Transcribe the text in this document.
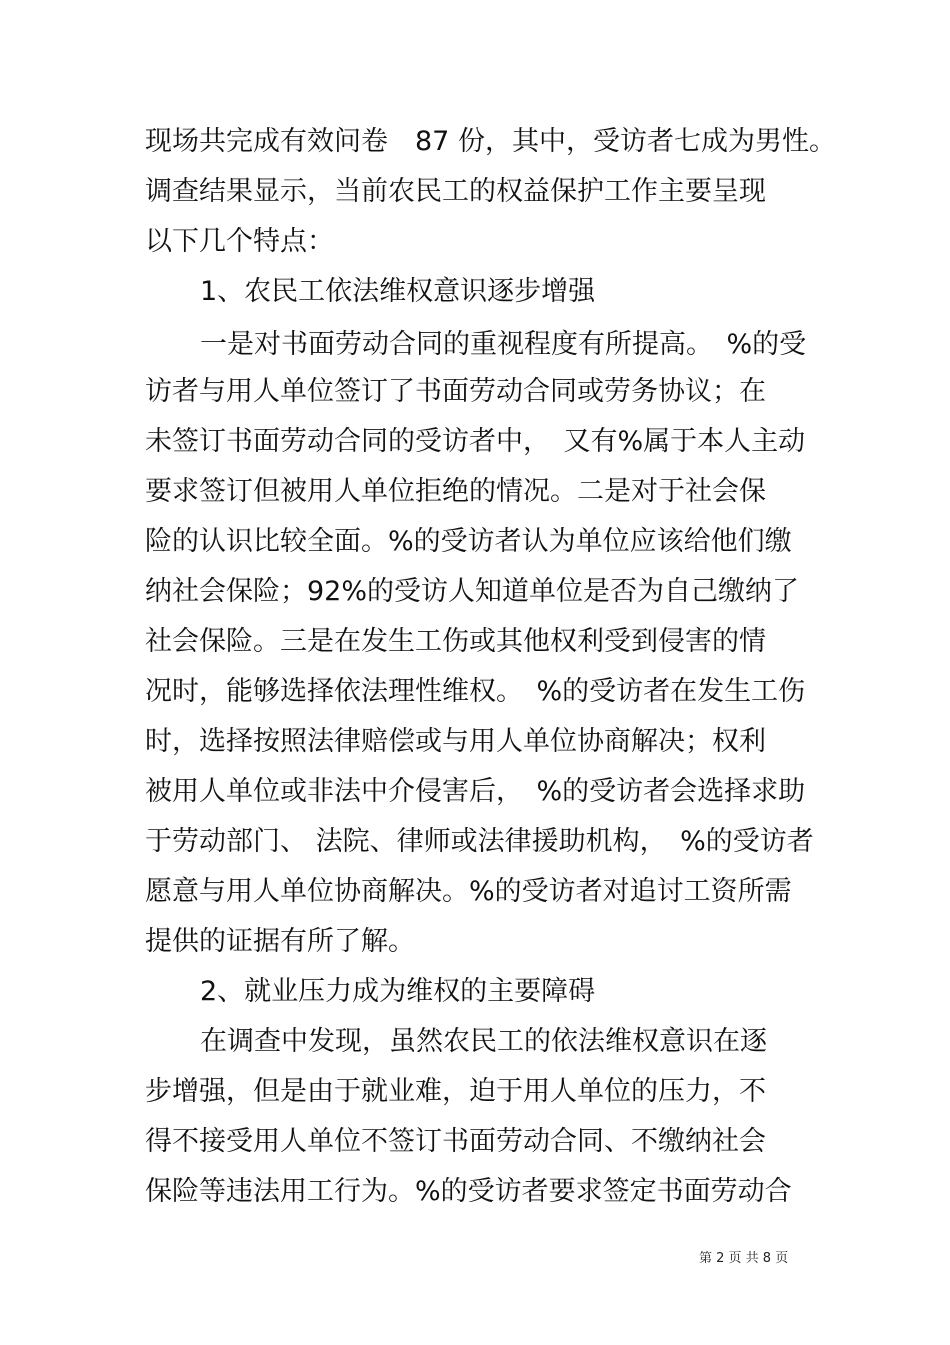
现场共完成有效问卷　87 份，其中，受访者七成为男性。
调查结果显示，当前农民工的权益保护工作主要呈现
以下几个特点：
1、农民工依法维权意识逐步增强
一是对书面劳动合同的重视程度有所提高。　%的受
访者与用人单位签订了书面劳动合同或劳务协议；在
未签订书面劳动合同的受访者中，　又有%属于本人主动
要求签订但被用人单位拒绝的情况。二是对于社会保
险的认识比较全面。%的受访者认为单位应该给他们缴
纳社会保险；92%的受访人知道单位是否为自己缴纳了
社会保险。三是在发生工伤或其他权利受到侵害的情
况时，能够选择依法理性维权。　%的受访者在发生工伤
时，选择按照法律赔偿或与用人单位协商解决；权利
被用人单位或非法中介侵害后，　%的受访者会选择求助
于劳动部门、 法院、律师或法律援助机构，　%的受访者
愿意与用人单位协商解决。%的受访者对追讨工资所需
提供的证据有所了解。
2、就业压力成为维权的主要障碍
在调查中发现，虽然农民工的依法维权意识在逐
步增强，但是由于就业难，迫于用人单位的压力，不
得不接受用人单位不签订书面劳动合同、不缴纳社会
保险等违法用工行为。%的受访者要求签定书面劳动合
第 2 页 共 8 页
